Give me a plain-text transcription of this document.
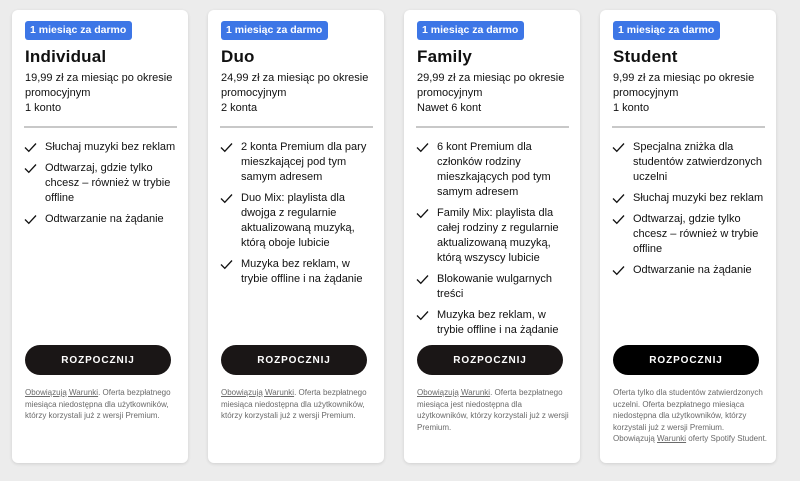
1 miesiąc za darmo
Individual
19,99 zł za miesiąc po okresie promocyjnym
1 konto
Słuchaj muzyki bez reklam
Odtwarzaj, gdzie tylko chcesz – również w trybie offline
Odtwarzanie na żądanie
ROZPOCZNIJ
Obowiązują Warunki. Oferta bezpłatnego miesiąca niedostępna dla użytkowników, którzy korzystali już z wersji Premium.
1 miesiąc za darmo
Duo
24,99 zł za miesiąc po okresie promocyjnym
2 konta
2 konta Premium dla pary mieszkającej pod tym samym adresem
Duo Mix: playlista dla dwojga z regularnie aktualizowaną muzyką, którą oboje lubicie
Muzyka bez reklam, w trybie offline i na żądanie
ROZPOCZNIJ
Obowiązują Warunki. Oferta bezpłatnego miesiąca niedostępna dla użytkowników, którzy korzystali już z wersji Premium.
1 miesiąc za darmo
Family
29,99 zł za miesiąc po okresie promocyjnym
Nawet 6 kont
6 kont Premium dla członków rodziny mieszkających pod tym samym adresem
Family Mix: playlista dla całej rodziny z regularnie aktualizowaną muzyką, którą wszyscy lubicie
Blokowanie wulgarnych treści
Muzyka bez reklam, w trybie offline i na żądanie
ROZPOCZNIJ
Obowiązują Warunki. Oferta bezpłatnego miesiąca jest niedostępna dla użytkowników, którzy korzystali już z wersji Premium.
1 miesiąc za darmo
Student
9,99 zł za miesiąc po okresie promocyjnym
1 konto
Specjalna zniżka dla studentów zatwierdzonych uczelni
Słuchaj muzyki bez reklam
Odtwarzaj, gdzie tylko chcesz – również w trybie offline
Odtwarzanie na żądanie
ROZPOCZNIJ
Oferta tylko dla studentów zatwierdzonych uczelni. Oferta bezpłatnego miesiąca niedostępna dla użytkowników, którzy korzystali już z wersji Premium. Obowiązują Warunki oferty Spotify Student.
